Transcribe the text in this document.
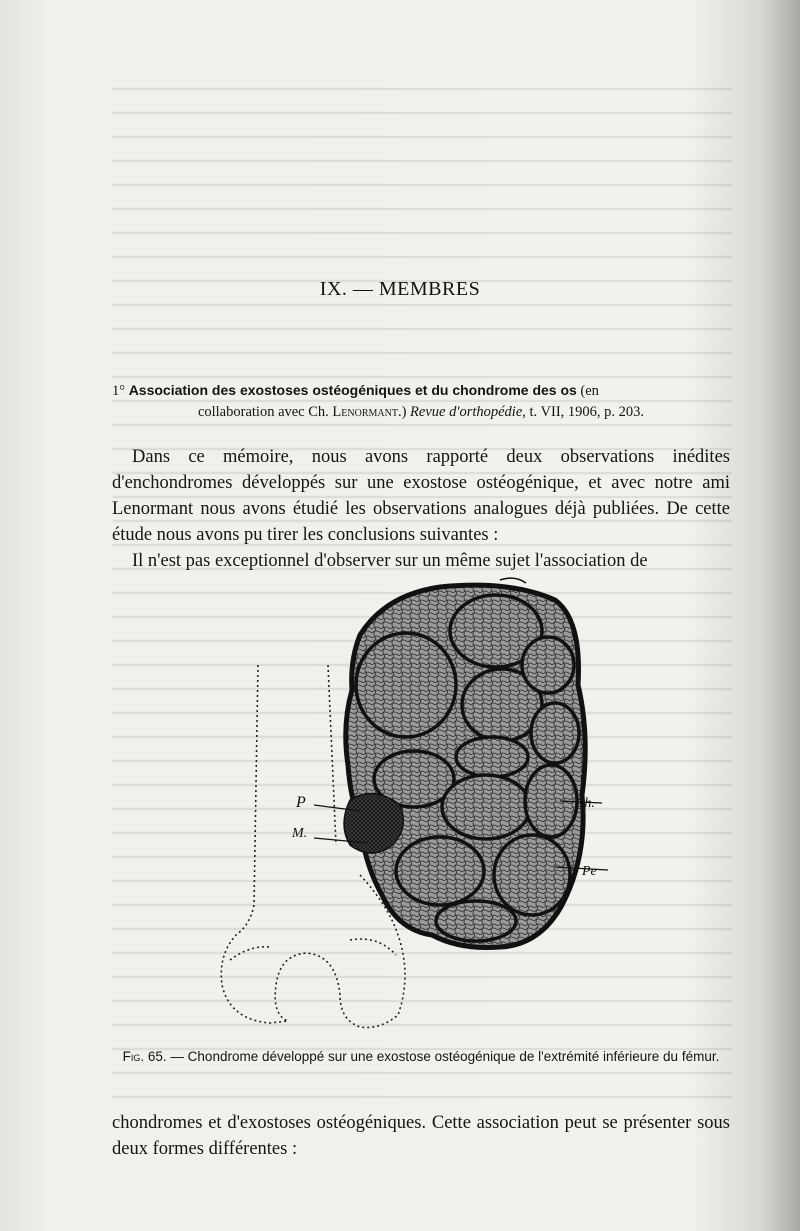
IX. — MEMBRES
1° Association des exostoses ostéogéniques et du chondrome des os (en
collaboration avec Ch. Lenormant.) Revue d'orthopédie, t. VII, 1906, p. 203.

Dans ce mémoire, nous avons rapporté deux observations inédites d'enchondromes développés sur une exostose ostéogénique, et avec notre ami Lenormant nous avons étudié les observations analogues déjà publiées. De cette étude nous avons pu tirer les conclusions suivantes :

Il n'est pas exceptionnel d'observer sur un même sujet l'association de

P
M.
Ch.
Pe
Fig. 65. — Chondrome développé sur une exostose ostéogénique de l'extrémité inférieure du fémur.

chondromes et d'exostoses ostéogéniques. Cette association peut se présenter sous deux formes différentes :
